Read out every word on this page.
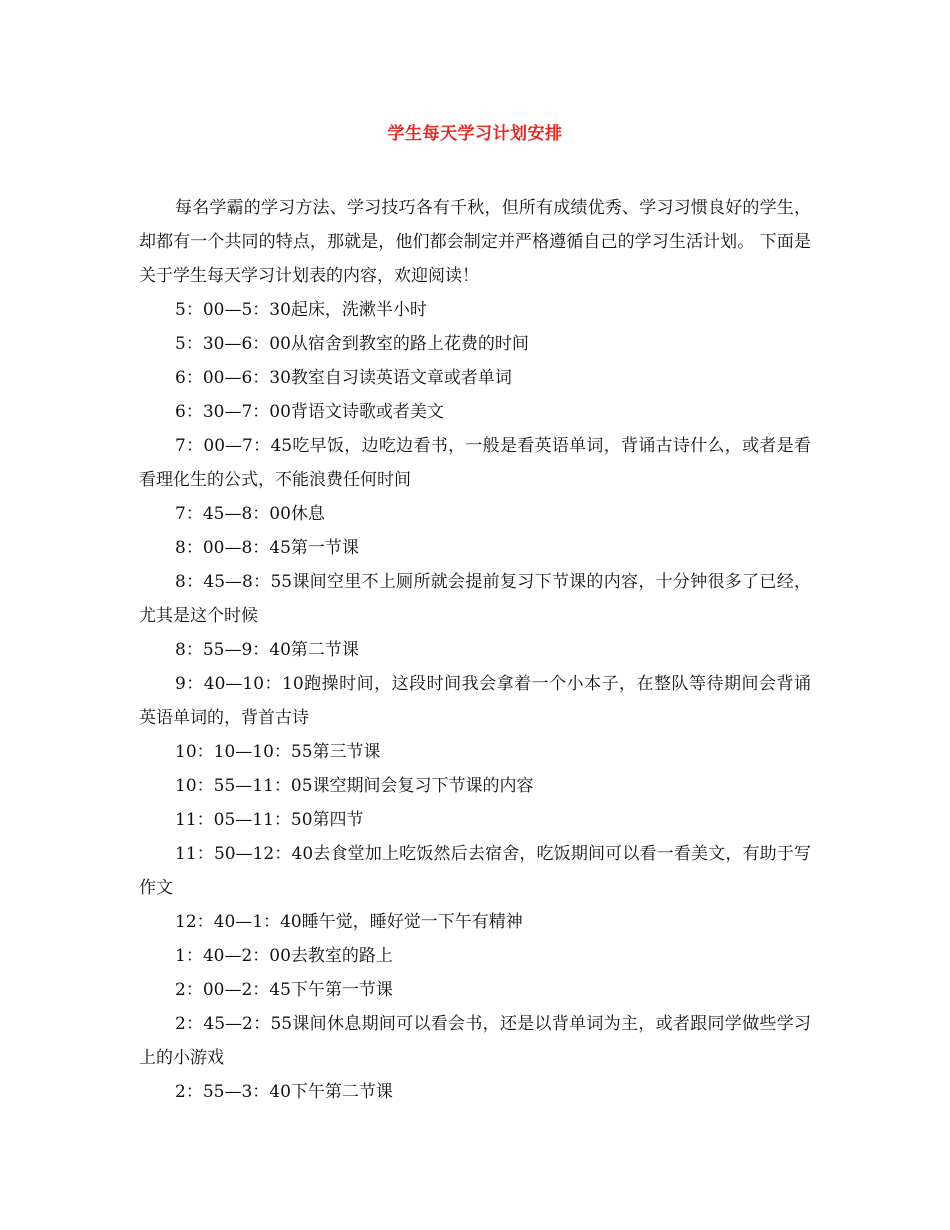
学生每天学习计划安排

每名学霸的学习方法、学习技巧各有千秋，但所有成绩优秀、学习习惯良好的学生，却都有一个共同的特点，那就是，他们都会制定并严格遵循自己的学习生活计划。 下面是关于学生每天学习计划表的内容，欢迎阅读！

5：00—5：30起床，洗漱半小时

5：30—6：00从宿舍到教室的路上花费的时间

6：00—6：30教室自习读英语文章或者单词

6：30—7：00背语文诗歌或者美文

7：00—7：45吃早饭，边吃边看书，一般是看英语单词，背诵古诗什么，或者是看看理化生的公式，不能浪费任何时间

7：45—8：00休息

8：00—8：45第一节课

8：45—8：55课间空里不上厕所就会提前复习下节课的内容，十分钟很多了已经，尤其是这个时候

8：55—9：40第二节课

9：40—10：10跑操时间，这段时间我会拿着一个小本子，在整队等待期间会背诵英语单词的，背首古诗

10：10—10：55第三节课

10：55—11：05课空期间会复习下节课的内容

11：05—11：50第四节

11：50—12：40去食堂加上吃饭然后去宿舍，吃饭期间可以看一看美文，有助于写作文

12：40—1：40睡午觉，睡好觉一下午有精神

1：40—2：00去教室的路上

2：00—2：45下午第一节课

2：45—2：55课间休息期间可以看会书，还是以背单词为主，或者跟同学做些学习上的小游戏

2：55—3：40下午第二节课
